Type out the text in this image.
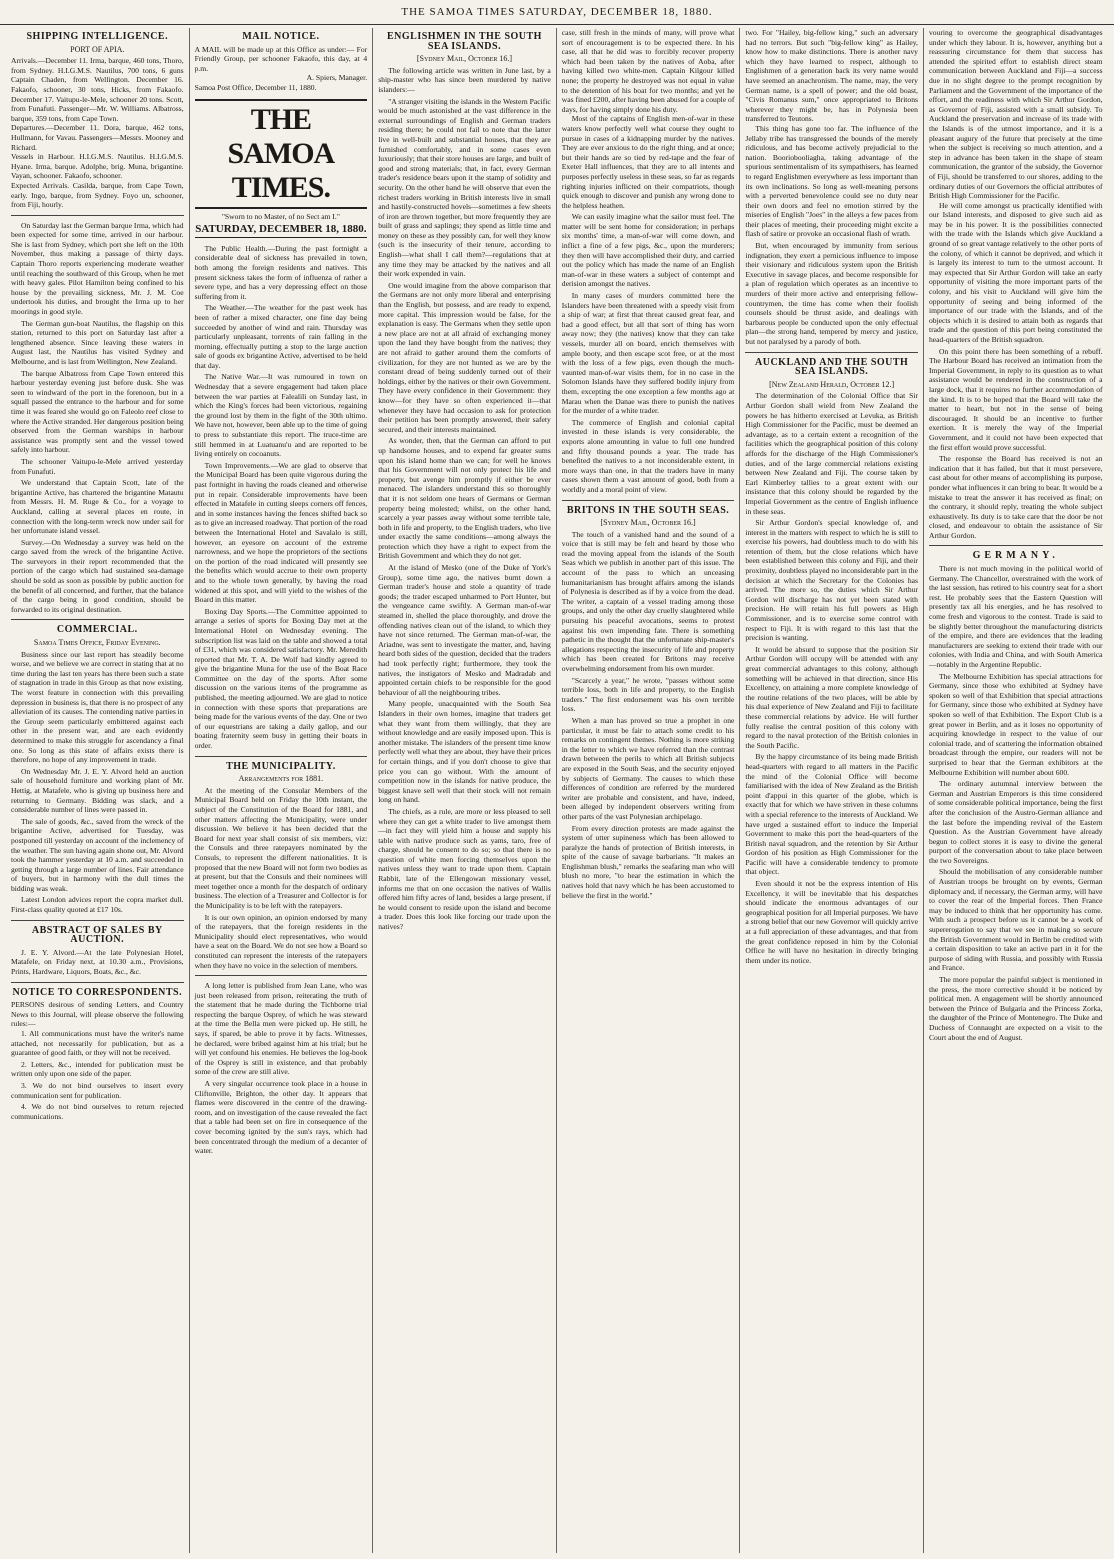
THE SAMOA TIMES SATURDAY, DECEMBER 18, 1880.
SHIPPING INTELLIGENCE.
PORT OF APIA.

Arrivals.—December 11. Irma, barque, 460 tons, Thoro, from Sydney. H.I.G.M.S. Nautilus, 700 tons, 6 guns Captain Chaden, from Wellington. December 16. Fakaofo, schooner, 30 tons, Hicks, from Fakaofo. December 17. Vaitupu-le-Mele, schooner 20 tons. Scott, from Funafuti. Passenger—Mr. W. Williams. Albatross, barque, 359 tons, from Cape Town.

Departures.—December 11. Dora, barque, 462 tons, Hullmann, for Vavau. Passengers—Messrs. Mooney and Richard.

Vessels in Harbour. H.I.G.M.S. Nautilus. H.I.G.M.S. Hyane. Irma, barque. Adolphe, brig. Muna, brigantine. Vayan, schooner. Fakaofo, schooner.

Expected Arrivals. Casilda, barque, from Cape Town, early. Ingo, barque, from Sydney. Foyo un, schooner, from Fiji, hourly.

On Saturday last the German barque Irma, which had been expected for some time, arrived in our harbour. She is last from Sydney, which port she left on the 10th November, thus making a passage of thirty days. Captain Thoro reports experiencing moderate weather until reaching the southward of this Group, when he met with heavy gales. Pilot Hamilton being confined to his house by the prevailing sickness, Mr. J. M. Coe undertook his duties, and brought the Irma up to her moorings in good style.

The German gun-boat Nautilus, the flagship on this station, returned to this port on Saturday last after a lengthened absence. Since leaving these waters in August last, the Nautilus has visited Sydney and Melbourne, and is last from Wellington, New Zealand.

The barque Albatross from Cape Town entered this harbour yesterday evening just before dusk. She was seen to windward of the port in the forenoon, but in a squall passed the entrance to the harbour and for some time it was feared she would go on Faleolo reef close to where the Active stranded. Her dangerous position being observed from the German warships in harbour assistance was promptly sent and the vessel towed safely into harbour.

The schooner Vaitupu-le-Mele arrived yesterday from Funafuti.

We understand that Captain Scott, late of the brigantine Active, has chartered the brigantine Matautu from Messrs. H. M. Ruge & Co., for a voyage to Auckland, calling at several places en route, in connection with the long-term wreck now under sail for her unfortunate island vessel.

Survey.—On Wednesday a survey was held on the cargo saved from the wreck of the brigantine Active. The surveyors in their report recommended that the portion of the cargo which had sustained sea-damage should be sold as soon as possible by public auction for the benefit of all concerned, and further, that the balance of the cargo being in good condition, should be forwarded to its original destination.

COMMERCIAL.
Samoa Times Office, Friday Evening.

Business since our last report has steadily become worse, and we believe we are correct in stating that at no time during the last ten years has there been such a state of stagnation in trade in this Group as that now existing. The worst feature in connection with this prevailing depression in business is, that there is no prospect of any alleviation of its causes. The contending native parties in the Group seem particularly embittered against each other in the present war, and are each evidently determined to make this struggle for ascendancy a final one. So long as this state of affairs exists there is therefore, no hope of any improvement in trade.

On Wednesday Mr. J. E. Y. Alvord held an auction sale of household furniture and working plant of Mr. Hettig, at Matafele, who is giving up business here and returning to Germany. Bidding was slack, and a considerable number of lines were passed in.

The sale of goods, &c., saved from the wreck of the brigantine Active, advertised for Tuesday, was postponed till yesterday on account of the inclemency of the weather. The sun having again shone out, Mr. Alvord took the hammer yesterday at 10 a.m. and succeeded in getting through a large number of lines. Fair attendance of buyers, but in harmony with the dull times the bidding was weak.

Latest London advices report the copra market dull. First-class quality quoted at £17 10s.

ABSTRACT OF SALES BY AUCTION.

J. E. Y. Alvord.—At the late Polynesian Hotel, Matafele, on Friday next, at 10.30 a.m., Provisions, Prints, Hardware, Liquors, Boats, &c., &c.

NOTICE TO CORRESPONDENTS.

PERSONS desirous of sending Letters, and Country News to this Journal, will please observe the following rules:—

1. All communications must have the writer's name attached, not necessarily for publication, but as a guarantee of good faith, or they will not be received.

2. Letters, &c., intended for publication must be written only upon one side of the paper.

3. We do not bind ourselves to insert every communication sent for publication.

4. We do not bind ourselves to return rejected communications.

MAIL NOTICE.

A MAIL will be made up at this Office as under:— For Friendly Group, per schooner Fakaofo, this day, at 4 p.m.

A. Spiers, Manager.

Samoa Post Office, December 11, 1880.

THE SAMOA TIMES.
"Sworn to no Master, of no Sect am I."
SATURDAY, DECEMBER 18, 1880.

The Public Health.—During the past fortnight a considerable deal of sickness has prevailed in town, both among the foreign residents and natives. This present sickness takes the form of influenza of rather a severe type, and has a very depressing effect on those suffering from it.

The Weather.—The weather for the past week has been of rather a mixed character, one fine day being succeeded by another of wind and rain. Thursday was particularly unpleasant, torrents of rain falling in the morning, effectually putting a stop to the large auction sale of goods ex brigantine Active, advertised to be held that day.

The Native War.—It was rumoured in town on Wednesday that a severe engagement had taken place between the war parties at Falealili on Sunday last, in which the King's forces had been victorious, regaining the ground lost by them in the fight of the 30th ultimo. We have not, however, been able up to the time of going to press to substantiate this report. The truce-time are still hemmed in at Luatuanu'u and are reported to be living entirely on cocoanuts.

Town Improvements.—We are glad to observe that the Municipal Board has been quite vigorous during the past fortnight in having the roads cleaned and otherwise put in repair. Considerable improvements have been effected in Matafele in cutting sleeps corners off fences, and in some instances having the fences shifted back so as to give an increased roadway. That portion of the road between the International Hotel and Savalalo is still, however, an eyesore on account of the extreme narrowness, and we hope the proprietors of the sections on the portion of the road indicated will presently see the benefits which would accrue to their own property and to the whole town generally, by having the road widened at this spot, and will yield to the wishes of the Board in this matter.

Boxing Day Sports.—The Committee appointed to arrange a series of sports for Boxing Day met at the International Hotel on Wednesday evening. The subscription list was laid on the table and showed a total of £31, which was considered satisfactory. Mr. Meredith reported that Mr. T. A. De Wolf had kindly agreed to give the brigantine Muna for the use of the Boat Race Committee on the day of the sports. After some discussion on the various items of the programme as published, the meeting adjourned. We are glad to notice in connection with these sports that preparations are being made for the various events of the day. One or two of our equestrians are taking a daily gallop, and our boating fraternity seem busy in getting their boats in order.

THE MUNICIPALITY.
Arrangements for 1881.

At the meeting of the Consular Members of the Municipal Board held on Friday the 10th instant, the subject of the Constitution of the Board for 1881, and other matters affecting the Municipality, were under discussion. We believe it has been decided that the Board for next year shall consist of six members, viz: the Consuls and three ratepayers nominated by the Consuls, to represent the different nationalities. It is proposed that the new Board will not form two bodies as at present, but that the Consuls and their nominees will meet together once a month for the despatch of ordinary business. The election of a Treasurer and Collector is for the Municipality is to be left with the ratepayers.

It is our own opinion, an opinion endorsed by many of the ratepayers, that the foreign residents in the Municipality should elect representatives, who would have a seat on the Board. We do not see how a Board so constituted can represent the interests of the ratepayers when they have no voice in the selection of members.

A long letter is published from Jean Lane, who was just been released from prison, reiterating the truth of the statement that he made during the Tichborne trial respecting the barque Osprey, of which he was steward at the time the Bella men were picked up. He still, he says, if spared, be able to prove it by facts. Witnesses, he declared, were bribed against him at his trial; but he will yet confound his enemies. He believes the log-book of the Osprey is still in existence, and that probably some of the crew are still alive.

A very singular occurrence took place in a house in Cliftonville, Brighton, the other day. It appears that flames were discovered in the centre of the drawing-room, and on investigation of the cause revealed the fact that a table had been set on fire in consequence of the cover becoming ignited by the sun's rays, which had been concentrated through the medium of a decanter of water.

ENGLISHMEN IN THE SOUTH SEA ISLANDS.
[Sydney Mail, October 16.]

The following article was written in June last, by a ship-master who has since been murdered by native islanders:—

"A stranger visiting the islands in the Western Pacific would be much astonished at the vast difference in the external surroundings of English and German traders residing there; he could not fail to note that the latter live in well-built and substantial houses, that they are furnished comfortably, and in some cases even luxuriously; that their store houses are large, and built of good and strong materials; that, in fact, every German trader's residence bears upon it the stamp of solidity and security. On the other hand he will observe that even the richest traders working in British interests live in small and hastily-constructed hovels—sometimes a few sheets of iron are thrown together, but more frequently they are built of grass and saplings; they spend as little time and money on these as they possibly can, for well they know (such is the insecurity of their tenure, according to English—what shall I call them?—regulations that at any time they may be attacked by the natives and all their work expended in vain.

One would imagine from the above comparison that the Germans are not only more liberal and enterprising than the English, but possess, and are ready to expend, more capital. This impression would be false, for the explanation is easy. The Germans when they settle upon a new place are not at all afraid of exchanging money upon the land they have bought from the natives; they are not afraid to gather around them the comforts of civilization, for they are not hunted as we are by the constant dread of being suddenly turned out of their holdings, either by the natives or their own Government. They have every confidence in their Government: they know—for they have so often experienced it—that whenever they have had occasion to ask for protection their petition has been promptly answered, their safety secured, and their interests maintained.

As wonder, then, that the German can afford to put up handsome houses, and to expend far greater sums upon his island home than we can; for well he knows that his Government will not only protect his life and property, but avenge him promptly if either be ever menaced. The islanders understand this so thoroughly that it is not seldom one hears of Germans or German property being molested; whilst, on the other hand, scarcely a year passes away without some terrible tale, both in life and property, to the English traders, who live under exactly the same conditions—among always the protection which they have a right to expect from the British Government and which they do not get.

At the island of Mesko (one of the Duke of York's Group), some time ago, the natives burnt down a German trader's house and stole a quantity of trade goods; the trader escaped unharmed to Port Hunter, but the vengeance came swiftly. A German man-of-war steamed in, shelled the place thoroughly, and drove the offending natives clean out of the island, to which they have not since returned. The German man-of-war, the Ariadne, was sent to investigate the matter, and, having heard both sides of the question, decided that the traders had took perfectly right; furthermore, they took the natives, the instigators of Mesko and Madradab and appointed certain chiefs to be responsible for the good behaviour of all the neighbouring tribes.

Many people, unacquainted with the South Sea Islanders in their own homes, imagine that traders get what they want from them willingly, that they are without knowledge and are easily imposed upon. This is another mistake. The islanders of the present time know perfectly well what they are about, they have their prices for certain things, and if you don't choose to give that price you can go without. With the amount of competition now in the islands for native produce, the biggest knave sell well that their stock will not remain long on hand.

The chiefs, as a rule, are more or less pleased to sell where they can get a white trader to live amongst them—in fact they will yield him a house and supply his table with native produce such as yams, taro, free of charge, should he consent to do so; so that there is no question of white men forcing themselves upon the natives unless they want to trade upon them. Captain Rabbit, late of the Ellengowan missionary vessel, informs me that on one occasion the natives of Wallis offered him fifty acres of land, besides a large present, if he would consent to reside upon the island and become a trader. Does this look like forcing our trade upon the natives?

case, still fresh in the minds of many, will prove what sort of encouragement is to be expected there. In his case, all that he did was to forcibly recover property which had been taken by the natives of Aoba, after having killed two white-men. Captain Kilgour killed none; the property he destroyed was not equal in value to the detention of his boat for two months; and yet he was fined £200, after having been abused for a couple of days, for having simply done his duty.

Most of the captains of English men-of-war in these waters know perfectly well what course they ought to pursue in cases of a kidnapping murder by the natives. They are ever anxious to do the right thing, and at once; but their hands are so tied by red-tape and the fear of Exeter Hall influences, that they are to all intents and purposes perfectly useless in these seas, so far as regards righting injuries inflicted on their compatriots, though quick enough to discover and punish any wrong done to the helpless heathen.

We can easily imagine what the sailor must feel. The matter will be sent home for consideration; in perhaps six months' time, a man-of-war will come down, and inflict a fine of a few pigs, &c., upon the murderers; they then will have accomplished their duty, and carried out the policy which has made the name of an English man-of-war in these waters a subject of contempt and derision amongst the natives.

In many cases of murders committed here the Islanders have been threatened with a speedy visit from a ship of war; at first that threat caused great fear, and had a good effect, but all that sort of thing has worn away now; they (the natives) know that they can take vessels, murder all on board, enrich themselves with ample booty, and then escape scot free, or at the most with the loss of a few pigs, even though the much-vaunted man-of-war visits them, for in no case in the Solomon Islands have they suffered bodily injury from them, excepting the one exception a few months ago at Marau when the Danae was there to punish the natives for the murder of a white trader.

The commerce of English and colonial capital invested in these islands is very considerable, the exports alone amounting in value to full one hundred and fifty thousand pounds a year. The trade has benefited the natives to a not inconsiderable extent, in more ways than one, in that the traders have in many cases shown them a vast amount of good, both from a worldly and a moral point of view.

BRITONS IN THE SOUTH SEAS.
[Sydney Mail, October 16.]

The touch of a vanished hand and the sound of a voice that is still may be felt and heard by those who read the moving appeal from the islands of the South Seas which we publish in another part of this issue. The account of the pass to which an unceasing humanitarianism has brought affairs among the islands of Polynesia is described as if by a voice from the dead. The writer, a captain of a vessel trading among those groups, and only the other day cruelly slaughtered while pursuing his peaceful avocations, seems to protest against his own impending fate. There is something pathetic in the thought that the unfortunate ship-master's allegations respecting the insecurity of life and property which has been created for Britons may receive overwhelming endorsement from his own murder.

"Scarcely a year," he wrote, "passes without some terrible loss, both in life and property, to the English traders." The first endorsement was his own terrible loss.

When a man has proved so true a prophet in one particular, it must be fair to attach some credit to his remarks on contingent themes. Nothing is more striking in the letter to which we have referred than the contrast drawn between the perils to which all British subjects are exposed in the South Seas, and the security enjoyed by subjects of Germany. The causes to which these differences of condition are referred by the murdered writer are probable and consistent, and have, indeed, been alleged by independent observers writing from other parts of the vast Polynesian archipelago.

From every direction protests are made against the system of utter supineness which has been allowed to paralyze the hands of protection of British interests, in spite of the cause of savage barbarians. "It makes an Englishman blush," remarks the seafaring man who will blush no more, "to hear the estimation in which the natives hold that navy which he has been accustomed to believe the first in the world."

two. For "Hailey, big-fellow king," such an adversary had no terrors. But such "big-fellow king" as Hailey, know how to make distinctions. There is another navy which they have learned to respect, although to Englishmen of a generation back its very name would have seemed an anachronism. The name, may, the very German name, is a spell of power; and the old boast, "Civis Romanus sum," once appropriated to Britons wherever they might be, has in Polynesia been transferred to Teutons.

This thing has gone too far. The influence of the Jellaby tribe has transgressed the bounds of the merely ridiculous, and has become actively prejudicial to the nation. Booriobooliagha, taking advantage of the spurious sentimentalism of its sympathisers, has learned to regard Englishmen everywhere as less important than its own inclinations. So long as well-meaning persons with a perverted benevolence could see no duty near their own doors and feel no emotion stirred by the miseries of English "Joes" in the alleys a few paces from their places of meeting, their proceeding might excite a flash of satire or provoke an occasional flash of wrath.

But, when encouraged by immunity from serious indignation, they exert a pernicious influence to impose their visionary and ridiculous system upon the British Executive in savage places, and become responsible for a plan of regulation which operates as an incentive to murders of their more active and enterprising fellow-countrymen, the time has come when their foolish counsels should be thrust aside, and dealings with barbarous people be conducted upon the only effectual plan—the strong hand, tempered by mercy and justice, but not paralysed by a parody of both.

AUCKLAND AND THE SOUTH SEA ISLANDS.
[New Zealand Herald, October 12.]

The determination of the Colonial Office that Sir Arthur Gordon shall wield from New Zealand the powers he has hitherto exercised at Levuka, as British High Commissioner for the Pacific, must be deemed an advantage, as to a certain extent a recognition of the facilities which the geographical position of this colony affords for the discharge of the High Commissioner's duties, and of the large commercial relations existing between New Zealand and Fiji. The course taken by Earl Kimberley tallies to a great extent with our insistance that this colony should be regarded by the Imperial Government as the centre of English influence in these seas.

Sir Arthur Gordon's special knowledge of, and interest in the matters with respect to which he is still to exercise his powers, had doubtless much to do with his retention of them, but the close relations which have been established between this colony and Fiji, and their proximity, doubtless played no inconsiderable part in the decision at which the Secretary for the Colonies has arrived. The more so, the duties which Sir Arthur Gordon will discharge has not yet been stated with precision. He will retain his full powers as High Commissioner, and is to exercise some control with respect to Fiji. It is with regard to this last that the precision is wanting.

It would be absurd to suppose that the position Sir Arthur Gordon will occupy will be attended with any great commercial advantages to this colony, although something will be achieved in that direction, since His Excellency, on attaining a more complete knowledge of the routine relations of the two places, will be able by his dual experience of New Zealand and Fiji to facilitate these commercial relations by advice. He will further fully realise the central position of this colony with regard to the naval protection of the British colonies in the South Pacific.

By the happy circumstance of its being made British head-quarters with regard to all matters in the Pacific the mind of the Colonial Office will become familiarised with the idea of New Zealand as the British point d'appui in this quarter of the globe, which is exactly that for which we have striven in these columns with a special reference to the interests of Auckland. We have urged a sustained effort to induce the Imperial Government to make this port the head-quarters of the British naval squadron, and the retention by Sir Arthur Gordon of his position as High Commissioner for the Pacific will have a considerable tendency to promote that object.

Even should it not be the express intention of His Excellency, it will be inevitable that his despatches should indicate the enormous advantages of our geographical position for all Imperial purposes. We have a strong belief that our new Governor will quickly arrive at a full appreciation of these advantages, and that from the great confidence reposed in him by the Colonial Office he will have no hesitation in directly bringing them under its notice.

vouring to overcome the geographical disadvantages under which they labour. It is, however, anything but a reassuring circumstance for them that success has attended the spirited effort to establish direct steam communication between Auckland and Fiji—a success due in no slight degree to the prompt recognition by Parliament and the Government of the importance of the effort, and the readiness with which Sir Arthur Gordon, as Governor of Fiji, assisted with a small subsidy. To Auckland the preservation and increase of its trade with the Islands is of the utmost importance, and it is a pleasant augury of the future that precisely at the time when the subject is receiving so much attention, and a step in advance has been taken in the shape of steam communication, the grantor of the subsidy, the Governor of Fiji, should be transferred to our shores, adding to the ordinary duties of our Governors the official attributes of British High Commissioner for the Pacific.

He will come amongst us practically identified with our Island interests, and disposed to give such aid as may be in his power. It is the possibilities connected with the trade with the Islands which give Auckland a ground of so great vantage relatively to the other ports of the colony, of which it cannot be deprived, and which it is largely its interest to turn to the utmost account. It may expected that Sir Arthur Gordon will take an early opportunity of visiting the more important parts of the colony, and his visit to Auckland will give him the opportunity of seeing and being informed of the importance of our trade with the Islands, and of the objects which it is desired to attain both as regards that trade and the question of this port being constituted the head-quarters of the British squadron.

On this point there has been something of a rebuff. The Harbour Board has received an intimation from the Imperial Government, in reply to its question as to what assistance would be rendered in the construction of a large dock, that it requires no further accommodation of the kind. It is to be hoped that the Board will take the matter to heart, but not in the sense of being discouraged. It should be an incentive to further exertion. It is merely the way of the Imperial Government, and it could not have been expected that the first effort would prove successful.

The response the Board has received is not an indication that it has failed, but that it must persevere, cast about for other means of accomplishing its purpose, ponder what influences it can bring to bear. It would be a mistake to treat the answer it has received as final; on the contrary, it should reply, treating the whole subject exhaustively. Its duty is to take care that the door be not closed, and endeavour to obtain the assistance of Sir Arthur Gordon.

GERMANY.

There is not much moving in the political world of Germany. The Chancellor, overstrained with the work of the last session, has retired to his country seat for a short rest. He probably sees that the Eastern Question will presently tax all his energies, and he has resolved to come fresh and vigorous to the contest. Trade is said to be slightly better throughout the manufacturing districts of the empire, and there are evidences that the leading manufacturers are seeking to extend their trade with our colonies, with India and China, and with South America—notably in the Argentine Republic.

The Melbourne Exhibition has special attractions for Germany, since those who exhibited at Sydney have spoken so well of that Exhibition that special attractions for Germany, since those who exhibited at Sydney have spoken so well of that Exhibition. The Export Club is a great power in Berlin, and as it loses no opportunity of acquiring knowledge in respect to the value of our colonial trade, and of scattering the information obtained broadcast through the empire, our readers will not be surprised to hear that the German exhibitors at the Melbourne Exhibition will number about 600.

The ordinary autumnal interview between the German and Austrian Emperors is this time considered of some considerable political importance, being the first after the conclusion of the Austro-German alliance and the last before the impending revival of the Eastern Question. As the Austrian Government have already begun to collect stores it is easy to divine the general purport of the conversation about to take place between the two Sovereigns.

Should the mobilisation of any considerable number of Austrian troops be brought on by events, German diplomacy and, if necessary, the German army, will have to cover the rear of the Imperial forces. Then France may be induced to think that her opportunity has come. With such a prospect before us it cannot be a work of supererogation to say that we see in making so secure the British Government would in Berlin be credited with a certain disposition to take an active part in it for the purpose of siding with Russia, and possibly with Russia and France.

The more popular the painful subject is mentioned in the press, the more corrective should it be noticed by political men. A engagement will be shortly announced between the Prince of Bulgaria and the Princess Zorka, the daughter of the Prince of Montenegro. The Duke and Duchess of Connaught are expected on a visit to the Court about the end of August.
